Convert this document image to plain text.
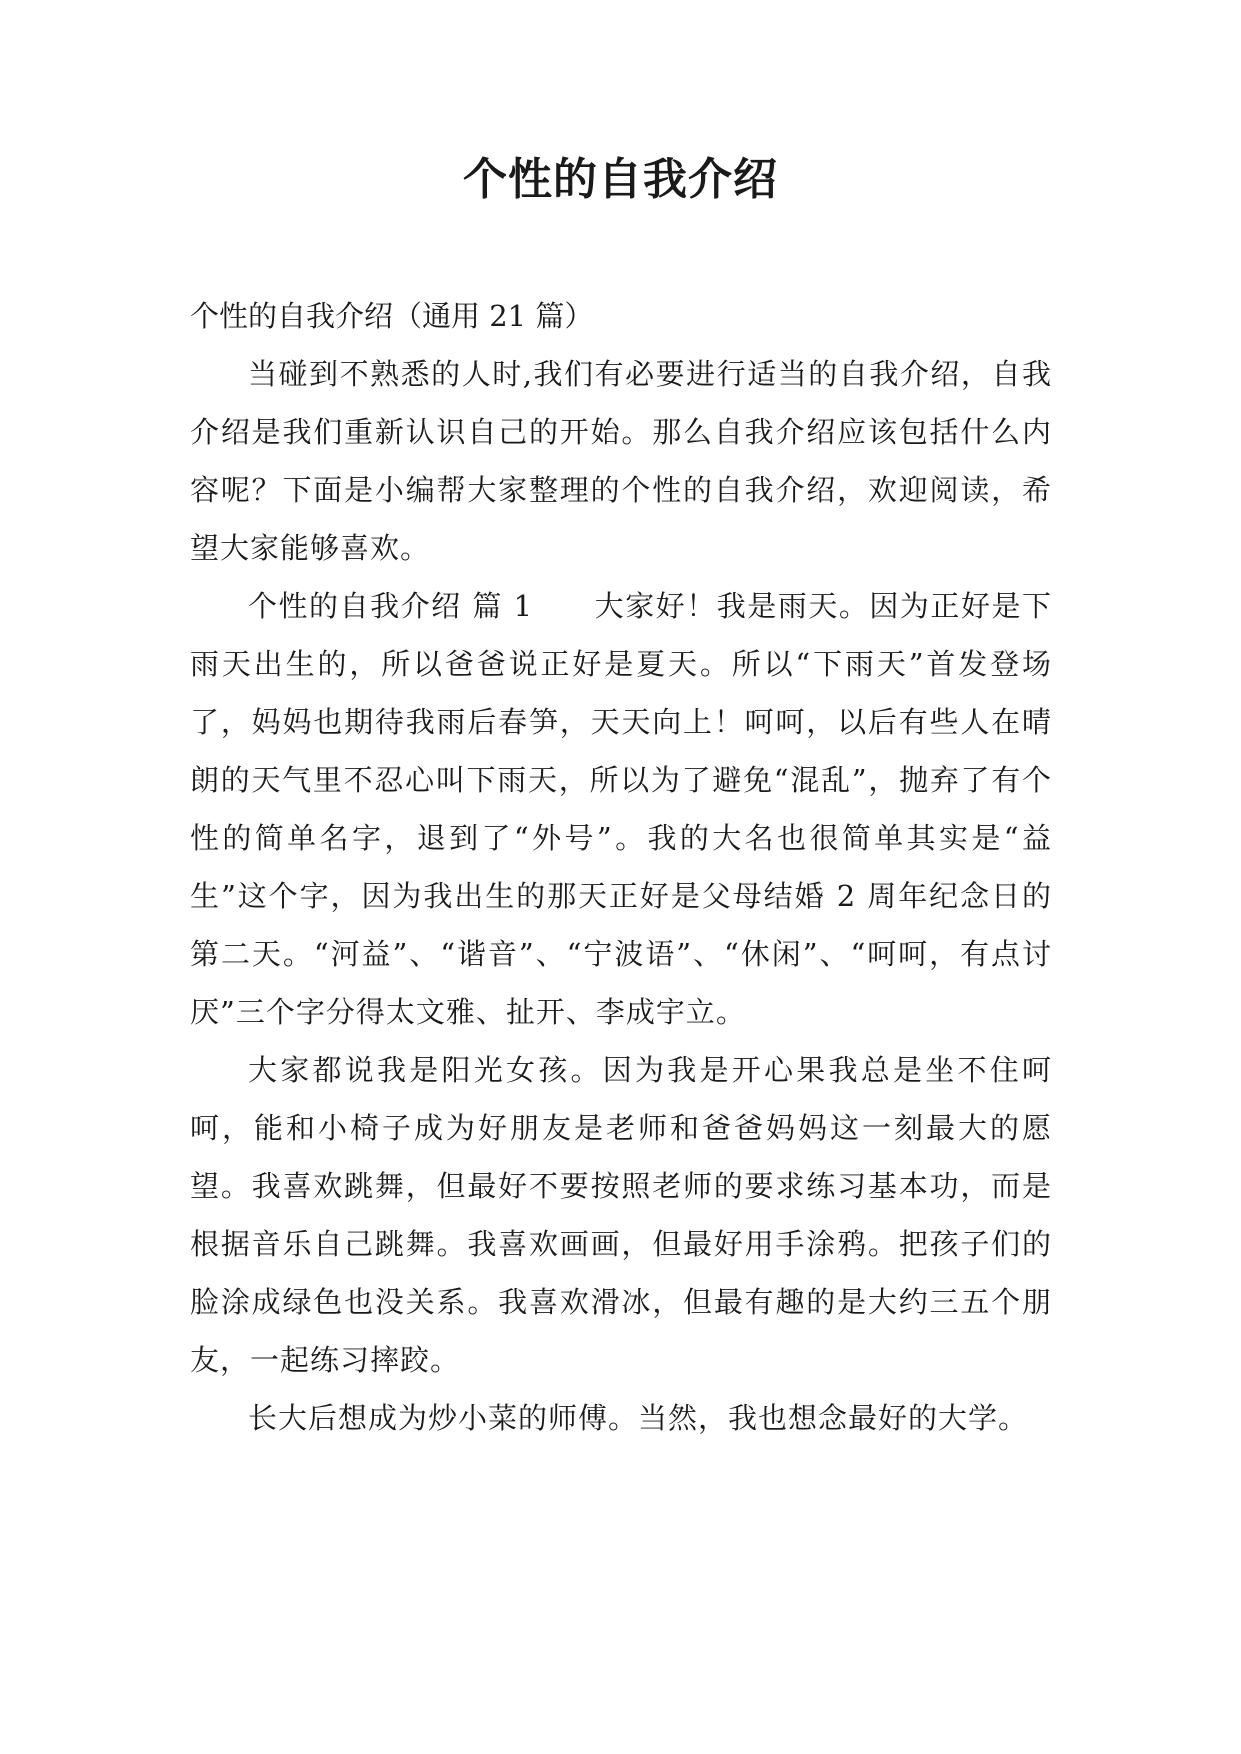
个性的自我介绍

个性的自我介绍（通用 21 篇）

当碰到不熟悉的人时,我们有必要进行适当的自我介绍，自我介绍是我们重新认识自己的开始。那么自我介绍应该包括什么内容呢？下面是小编帮大家整理的个性的自我介绍，欢迎阅读，希望大家能够喜欢。

个性的自我介绍 篇 1　　大家好！我是雨天。因为正好是下雨天出生的，所以爸爸说正好是夏天。所以“下雨天”首发登场了，妈妈也期待我雨后春笋，天天向上！呵呵，以后有些人在晴朗的天气里不忍心叫下雨天，所以为了避免“混乱”，抛弃了有个性的简单名字，退到了“外号”。我的大名也很简单其实是“益生”这个字，因为我出生的那天正好是父母结婚 2 周年纪念日的第二天。“河益”、“谐音”、“宁波语”、“休闲”、“呵呵，有点讨厌”三个字分得太文雅、扯开、李成宇立。

大家都说我是阳光女孩。因为我是开心果我总是坐不住呵呵，能和小椅子成为好朋友是老师和爸爸妈妈这一刻最大的愿望。我喜欢跳舞，但最好不要按照老师的要求练习基本功，而是根据音乐自己跳舞。我喜欢画画，但最好用手涂鸦。把孩子们的脸涂成绿色也没关系。我喜欢滑冰，但最有趣的是大约三五个朋友，一起练习摔跤。

长大后想成为炒小菜的师傅。当然，我也想念最好的大学。
